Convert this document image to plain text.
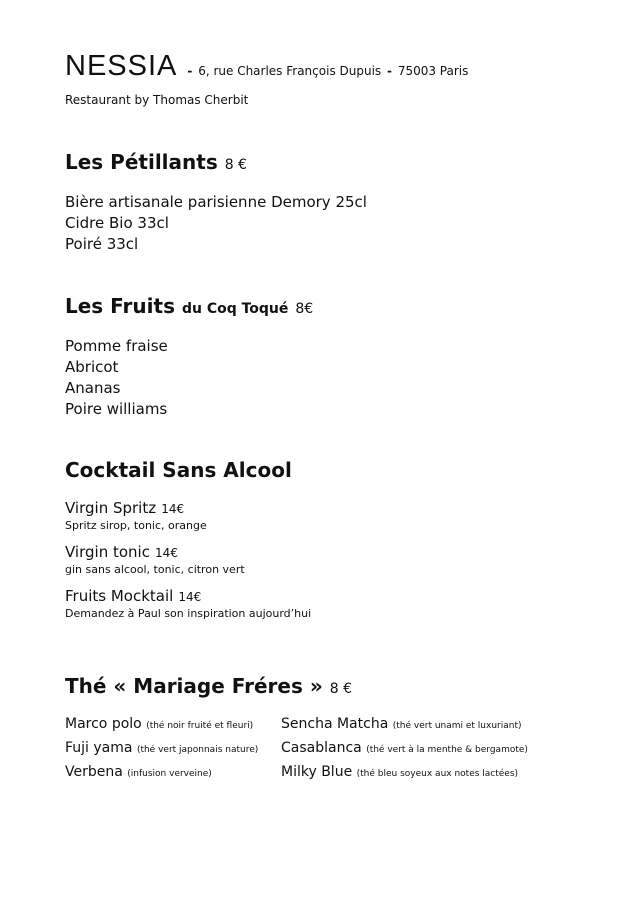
NESSIA - 6, rue Charles François Dupuis - 75003 Paris
Restaurant by Thomas Cherbit
Les Pétillants 8 €
Bière artisanale parisienne Demory 25cl
Cidre Bio 33cl
Poiré 33cl
Les Fruits du Coq Toqué 8€
Pomme fraise
Abricot
Ananas
Poire williams
Cocktail Sans Alcool
Virgin Spritz 14€
Spritz sirop, tonic, orange
Virgin tonic 14€
gin sans alcool, tonic, citron vert
Fruits Mocktail 14€
Demandez à Paul son inspiration aujourd’hui
Thé « Mariage Fréres » 8 €
Marco polo (thé noir fruité et fleuri)	Sencha Matcha (thé vert unami et luxuriant)
Fuji yama (thé vert japonnais nature)	Casablanca (thé vert à la menthe & bergamote)
Verbena (infusion verveine)	Milky Blue (thé bleu soyeux aux notes lactées)
